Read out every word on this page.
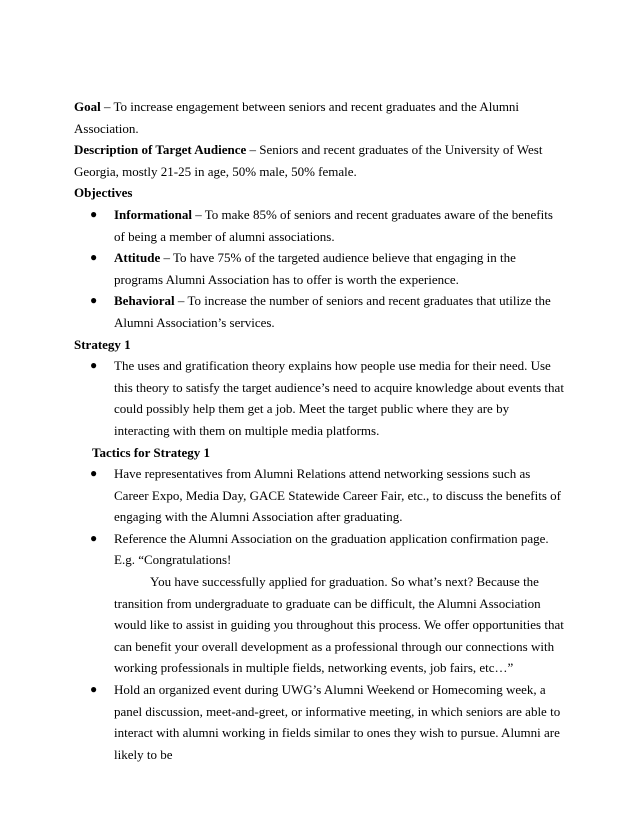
Goal – To increase engagement between seniors and recent graduates and the Alumni Association.

Description of Target Audience – Seniors and recent graduates of the University of West Georgia, mostly 21-25 in age, 50% male, 50% female.

Objectives

● Informational – To make 85% of seniors and recent graduates aware of the benefits of being a member of alumni associations.
● Attitude – To have 75% of the targeted audience believe that engaging in the programs Alumni Association has to offer is worth the experience.
● Behavioral – To increase the number of seniors and recent graduates that utilize the Alumni Association’s services.

Strategy 1

● The uses and gratification theory explains how people use media for their need. Use this theory to satisfy the target audience’s need to acquire knowledge about events that could possibly help them get a job. Meet the target public where they are by interacting with them on multiple media platforms.

Tactics for Strategy 1

● Have representatives from Alumni Relations attend networking sessions such as Career Expo, Media Day, GACE Statewide Career Fair, etc., to discuss the benefits of engaging with the Alumni Association after graduating.
● Reference the Alumni Association on the graduation application confirmation page.

E.g. “Congratulations!

You have successfully applied for graduation. So what’s next? Because the

transition from undergraduate to graduate can be difficult, the Alumni Association would like to assist in guiding you throughout this process. We offer opportunities that can benefit your overall development as a professional through our connections with working professionals in multiple fields, networking events, job fairs, etc…”

● Hold an organized event during UWG’s Alumni Weekend or Homecoming week, a panel discussion, meet-and-greet, or informative meeting, in which seniors are able to interact with alumni working in fields similar to ones they wish to pursue. Alumni are likely to be
